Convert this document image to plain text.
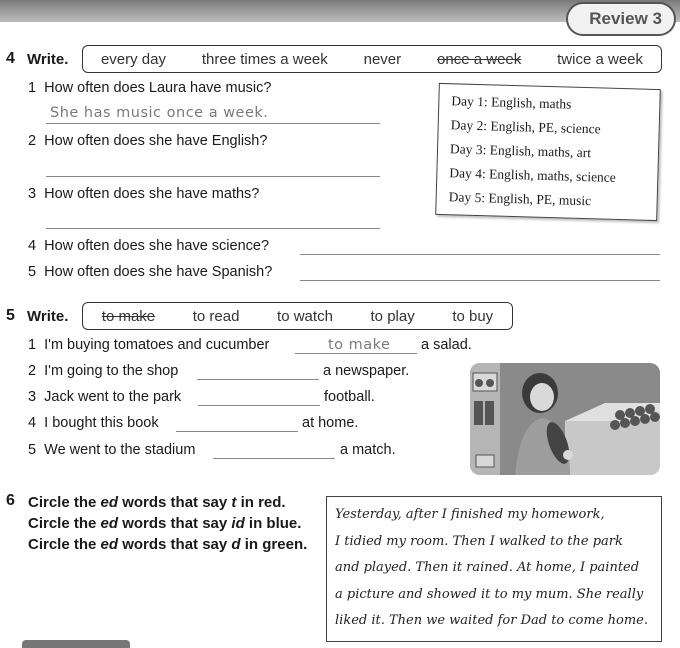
Review 3
4 Write. every day three times a week never once a week twice a week
1 How often does Laura have music?
She has music once a week.
2 How often does she have English?
3 How often does she have maths?
4 How often does she have science?
5 How often does she have Spanish?
Day 1: English, maths
Day 2: English, PE, science
Day 3: English, maths, art
Day 4: English, maths, science
Day 5: English, PE, music
5 Write. to make	to read	to watch	to play	to buy
1 I'm buying tomatoes and cucumber	to make a salad.
2 I'm going to the shop	a newspaper.
3 Jack went to the park	football.
4 I bought this book	at home.
5 We went to the stadium	a match.
6 Circle the ed words that say t in red.
Circle the ed words that say id in blue.
Circle the ed words that say d in green.
Yesterday, after I finished my homework,
I tidied my room. Then I walked to the park
and played. Then it rained. At home, I painted
a picture and showed it to my mum. She really
liked it. Then we waited for Dad to come home.
